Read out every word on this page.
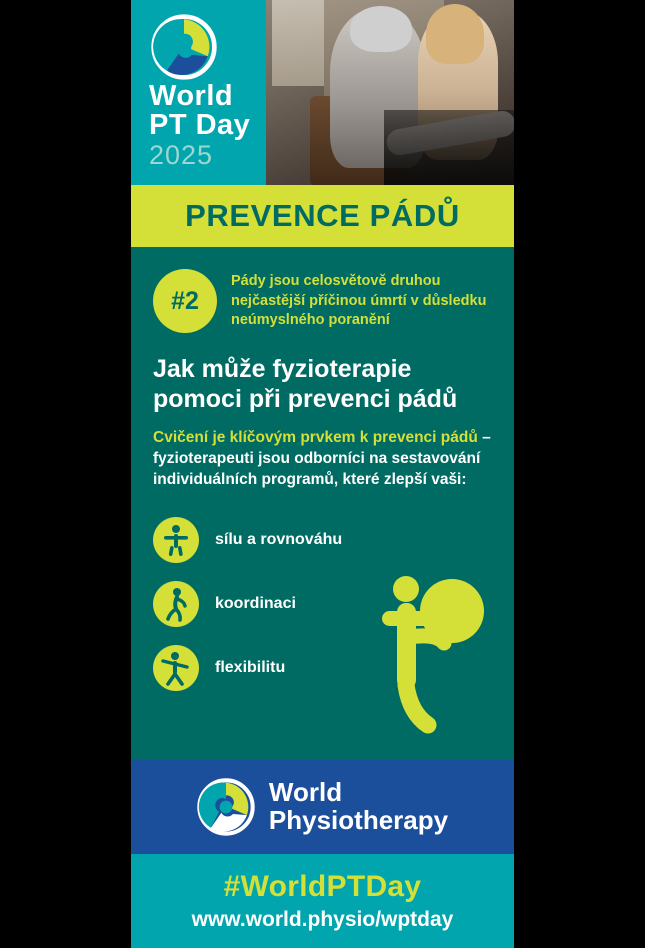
World
PT Day
2025
PREVENCE PÁDŮ
#2
Pády jsou celosvětově druhou nejčastější příčinou úmrtí v důsledku neúmyslného poranění
Jak může fyzioterapie
pomoci při prevenci pádů
Cvičení je klíčovým prvkem k prevenci pádů – fyzioterapeuti jsou odborníci na sestavování individuálních programů, které zlepší vaši:
sílu a rovnováhu
koordinaci
flexibilitu
World
Physiotherapy
#WorldPTDay
www.world.physio/wptday
